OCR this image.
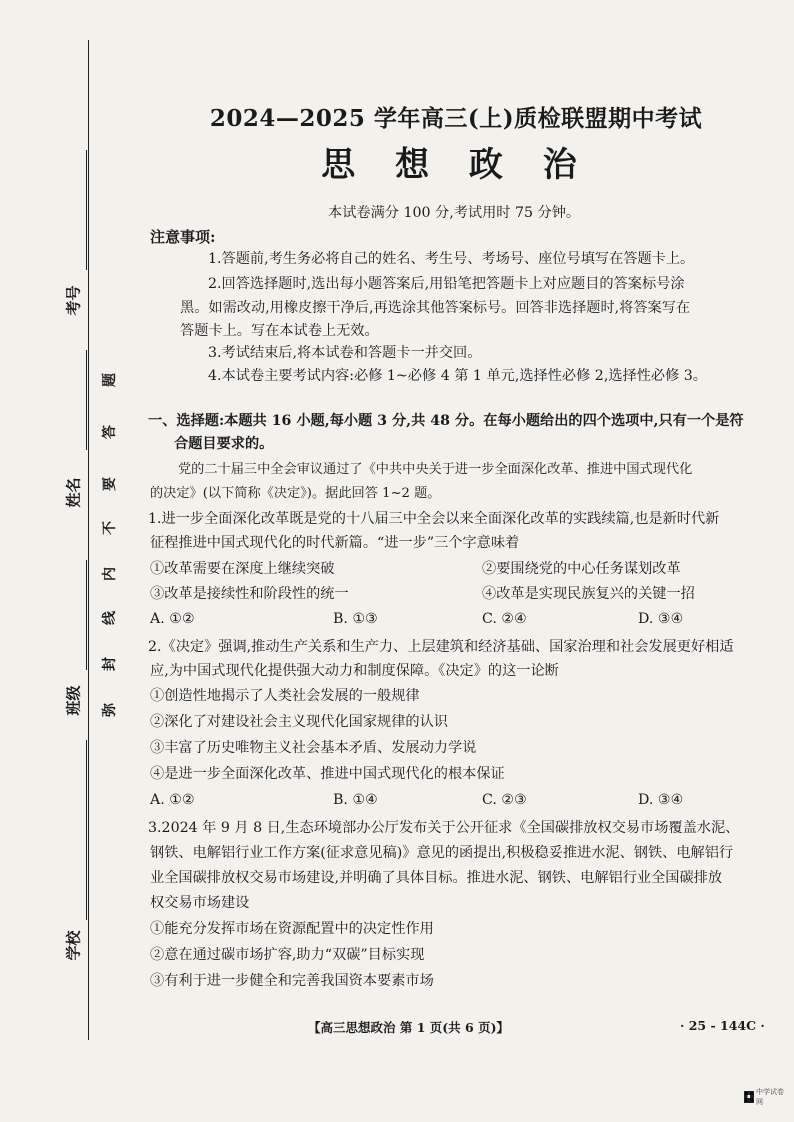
考号
姓名
班级
学校
题
答
要
不
内
线
封
弥
2024—2025 学年高三(上)质检联盟期中考试
思 想 政 治
本试卷满分 100 分,考试用时 75 分钟。
注意事项:
1.答题前,考生务必将自己的姓名、考生号、考场号、座位号填写在答题卡上。
2.回答选择题时,选出每小题答案后,用铅笔把答题卡上对应题目的答案标号涂
黑。如需改动,用橡皮擦干净后,再选涂其他答案标号。回答非选择题时,将答案写在
答题卡上。写在本试卷上无效。
3.考试结束后,将本试卷和答题卡一并交回。
4.本试卷主要考试内容:必修 1~必修 4 第 1 单元,选择性必修 2,选择性必修 3。
一、选择题:本题共 16 小题,每小题 3 分,共 48 分。在每小题给出的四个选项中,只有一个是符
合题目要求的。
党的二十届三中全会审议通过了《中共中央关于进一步全面深化改革、推进中国式现代化
的决定》(以下简称《决定》)。据此回答 1~2 题。
1.进一步全面深化改革既是党的十八届三中全会以来全面深化改革的实践续篇,也是新时代新
征程推进中国式现代化的时代新篇。“进一步”三个字意味着
①改革需要在深度上继续突破	②要围绕党的中心任务谋划改革
③改革是接续性和阶段性的统一	④改革是实现民族复兴的关键一招
A. ①②	B. ①③	C. ②④	D. ③④
2.《决定》强调,推动生产关系和生产力、上层建筑和经济基础、国家治理和社会发展更好相适
应,为中国式现代化提供强大动力和制度保障。《决定》的这一论断
①创造性地揭示了人类社会发展的一般规律
②深化了对建设社会主义现代化国家规律的认识
③丰富了历史唯物主义社会基本矛盾、发展动力学说
④是进一步全面深化改革、推进中国式现代化的根本保证
A. ①②	B. ①④	C. ②③	D. ③④
3.2024 年 9 月 8 日,生态环境部办公厅发布关于公开征求《全国碳排放权交易市场覆盖水泥、
钢铁、电解铝行业工作方案(征求意见稿)》意见的函提出,积极稳妥推进水泥、钢铁、电解铝行
业全国碳排放权交易市场建设,并明确了具体目标。推进水泥、钢铁、电解铝行业全国碳排放
权交易市场建设
①能充分发挥市场在资源配置中的决定性作用
②意在通过碳市场扩容,助力“双碳”目标实现
③有利于进一步健全和完善我国资本要素市场
【高三思想政治 第 1 页(共 6 页)】	· 25 - 144C ·
中学试卷网
